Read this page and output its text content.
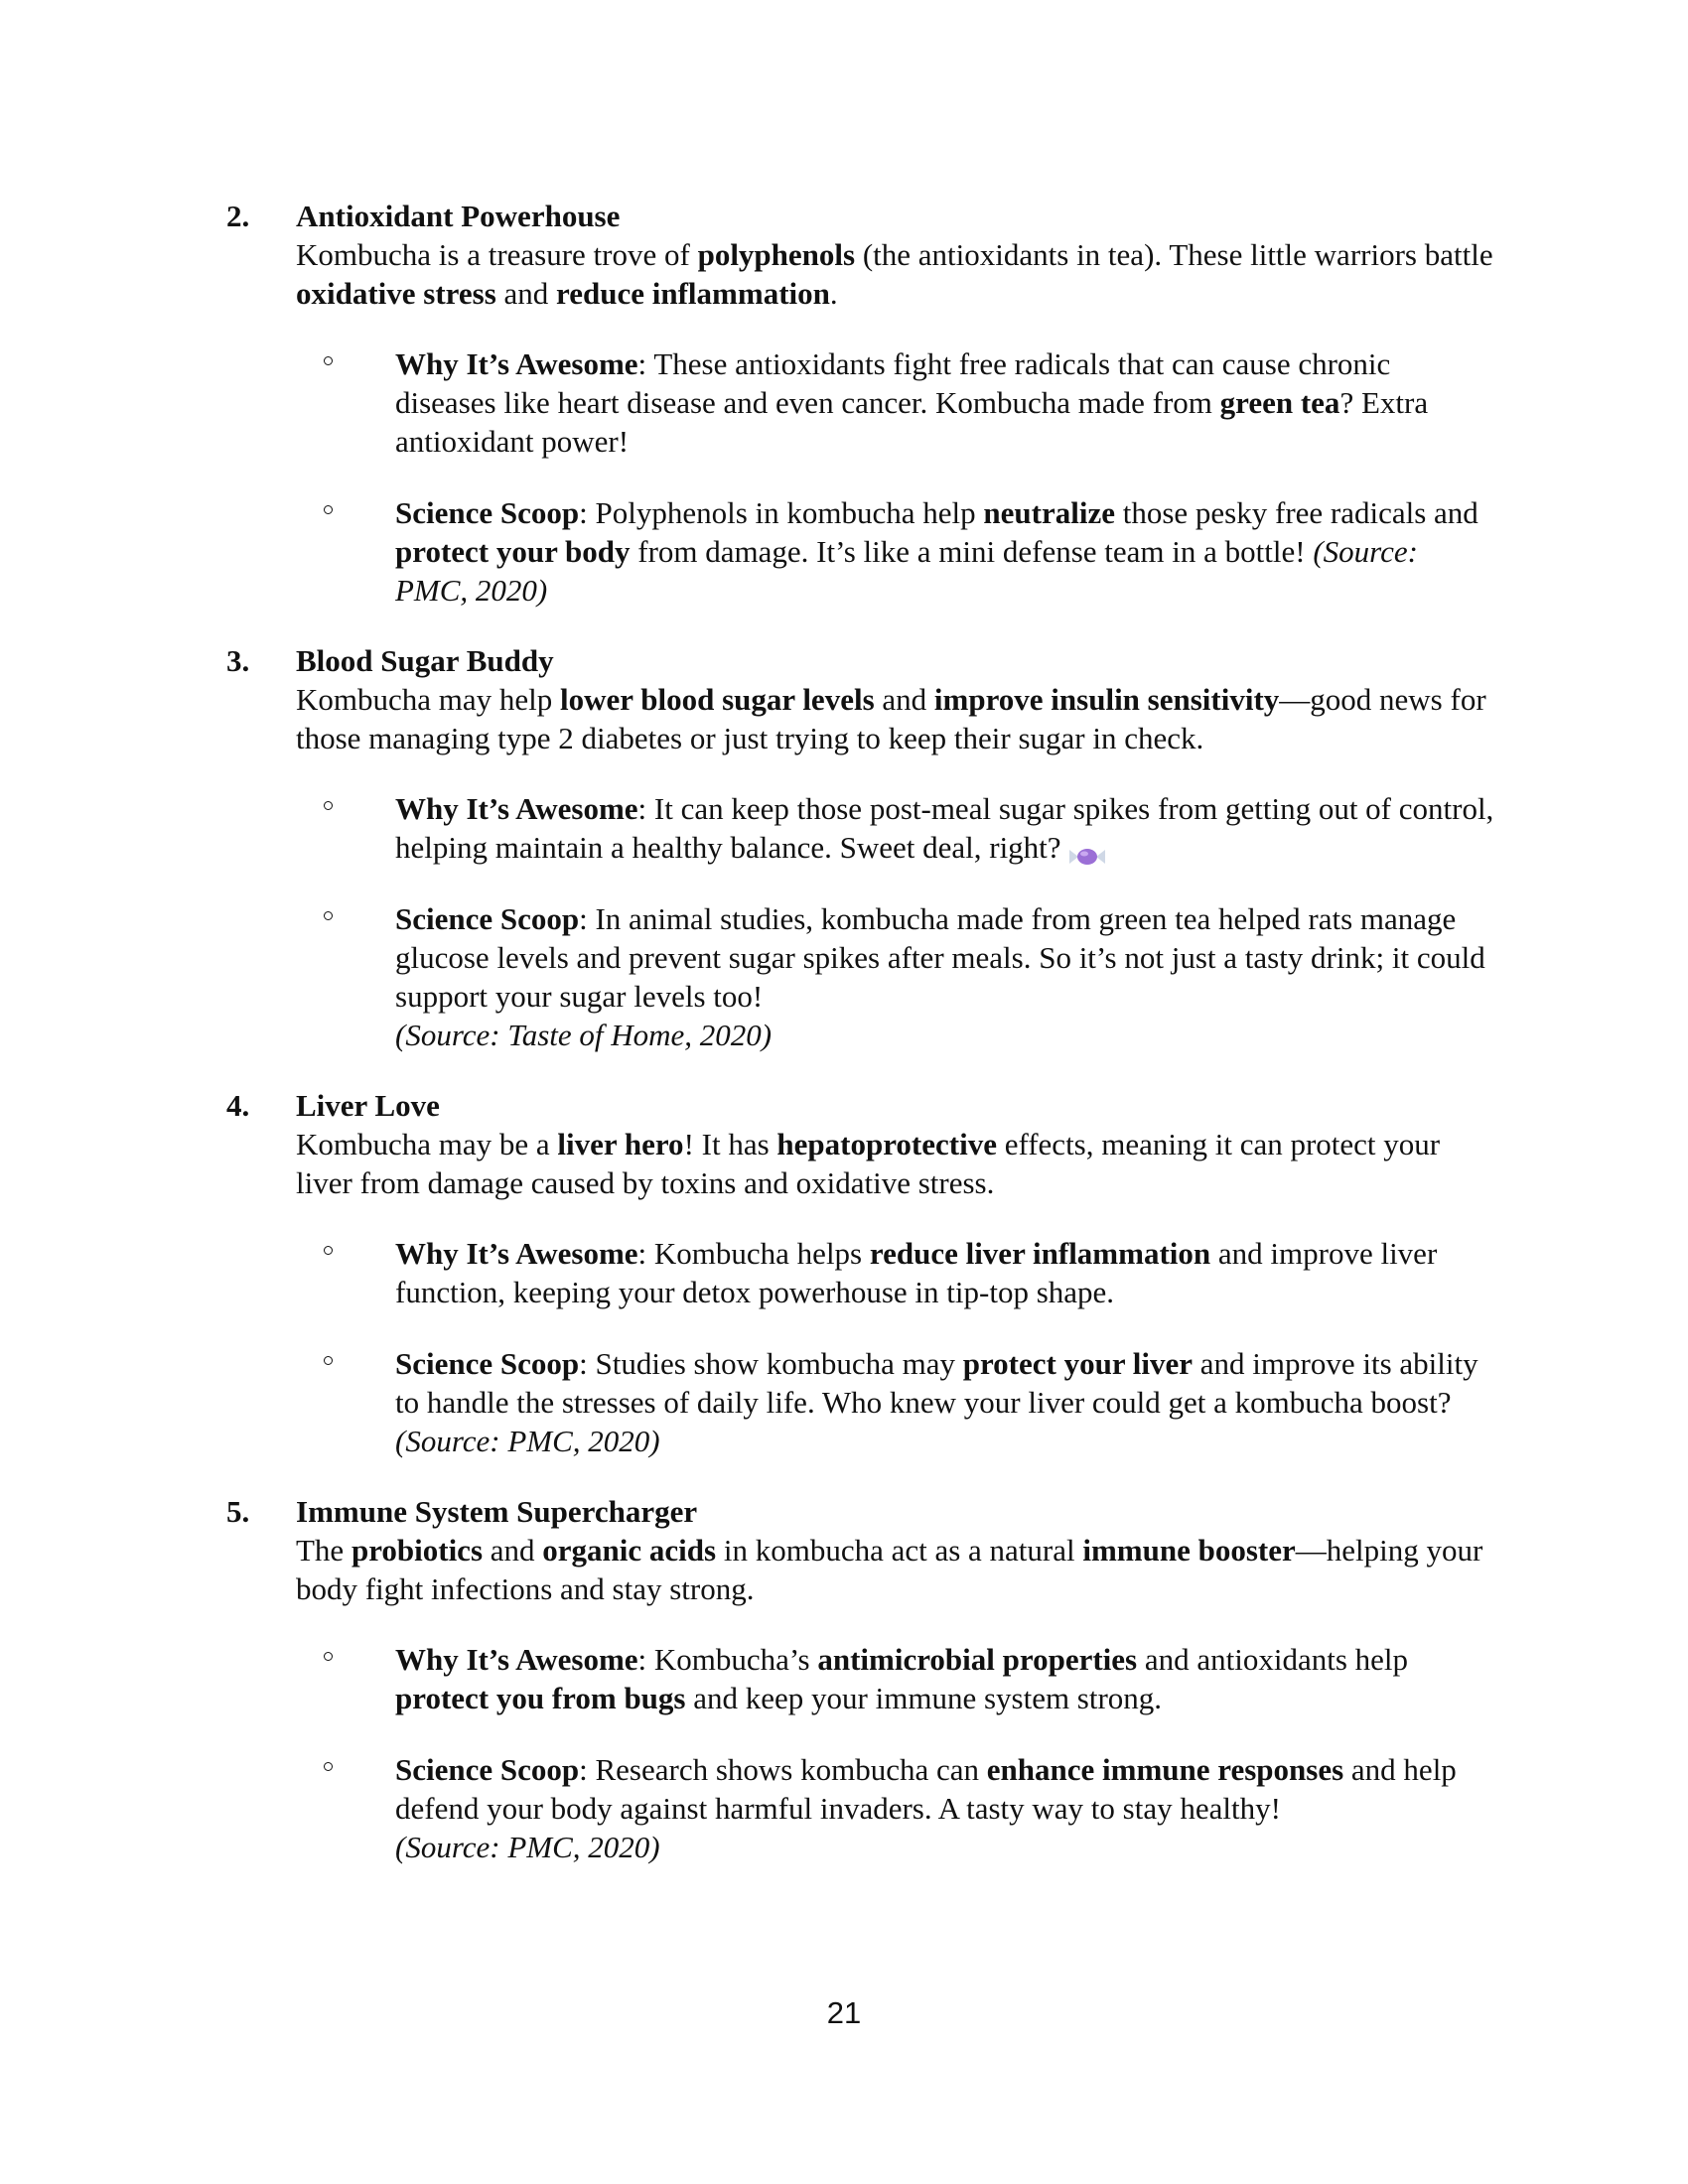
2. Antioxidant Powerhouse
Kombucha is a treasure trove of polyphenols (the antioxidants in tea). These little warriors battle oxidative stress and reduce inflammation.
Why It’s Awesome: These antioxidants fight free radicals that can cause chronic diseases like heart disease and even cancer. Kombucha made from green tea? Extra antioxidant power!
Science Scoop: Polyphenols in kombucha help neutralize those pesky free radicals and protect your body from damage. It’s like a mini defense team in a bottle! (Source: PMC, 2020)
3. Blood Sugar Buddy
Kombucha may help lower blood sugar levels and improve insulin sensitivity—good news for those managing type 2 diabetes or just trying to keep their sugar in check.
Why It’s Awesome: It can keep those post-meal sugar spikes from getting out of control, helping maintain a healthy balance. Sweet deal, right?
Science Scoop: In animal studies, kombucha made from green tea helped rats manage glucose levels and prevent sugar spikes after meals. So it’s not just a tasty drink; it could support your sugar levels too!
(Source: Taste of Home, 2020)
4. Liver Love
Kombucha may be a liver hero! It has hepatoprotective effects, meaning it can protect your liver from damage caused by toxins and oxidative stress.
Why It’s Awesome: Kombucha helps reduce liver inflammation and improve liver function, keeping your detox powerhouse in tip-top shape.
Science Scoop: Studies show kombucha may protect your liver and improve its ability to handle the stresses of daily life. Who knew your liver could get a kombucha boost? (Source: PMC, 2020)
5. Immune System Supercharger
The probiotics and organic acids in kombucha act as a natural immune booster—helping your body fight infections and stay strong.
Why It’s Awesome: Kombucha’s antimicrobial properties and antioxidants help protect you from bugs and keep your immune system strong.
Science Scoop: Research shows kombucha can enhance immune responses and help defend your body against harmful invaders. A tasty way to stay healthy!
(Source: PMC, 2020)
21
